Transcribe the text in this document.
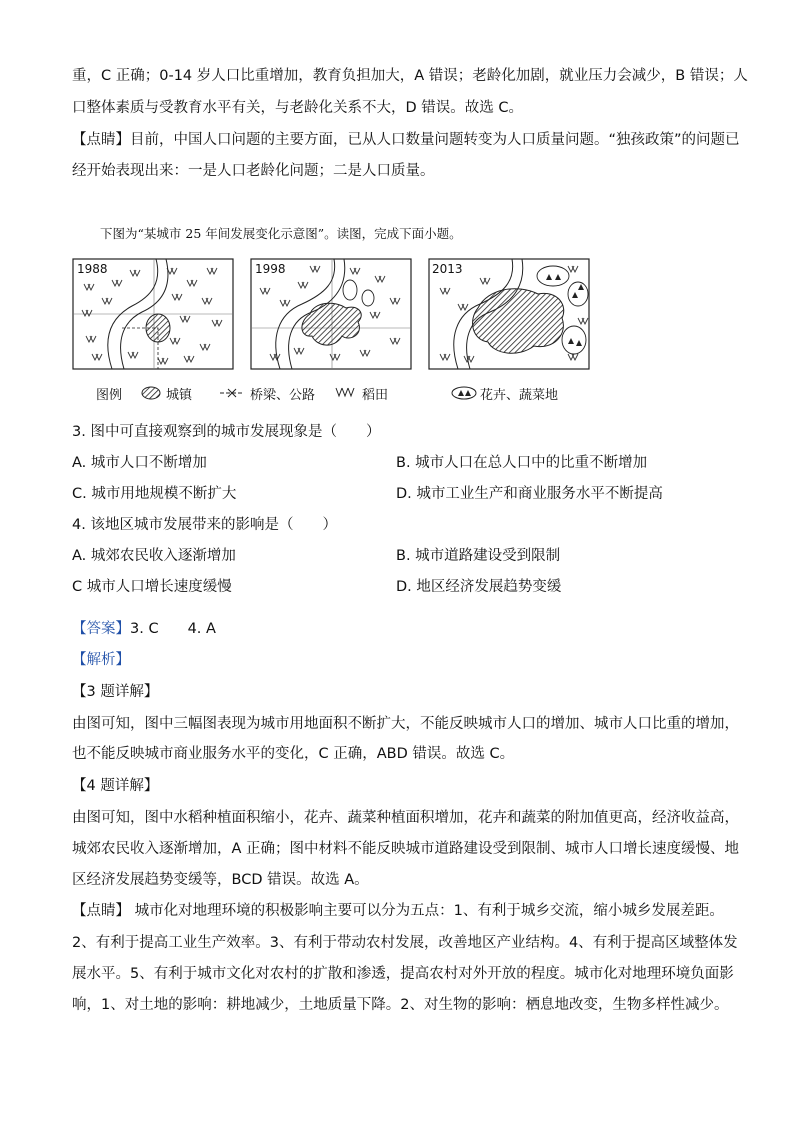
重，C 正确；0-14 岁人口比重增加，教育负担加大，A 错误；老龄化加剧，就业压力会减少，B 错误；人
口整体素质与受教育水平有关，与老龄化关系不大，D 错误。故选 C。
【点睛】目前，中国人口问题的主要方面，已从人口数量问题转变为人口质量问题。“独孩政策”的问题已
经开始表现出来：一是人口老龄化问题；二是人口质量。
下图为“某城市 25 年间发展变化示意图”。读图，完成下面小题。
1988	1998	2013
图例	城镇	桥梁、公路	稻田	花卉、蔬菜地
3. 图中可直接观察到的城市发展现象是（　　）
A. 城市人口不断增加	B. 城市人口在总人口中的比重不断增加
C. 城市用地规模不断扩大	D. 城市工业生产和商业服务水平不断提高
4. 该地区城市发展带来的影响是（　　）
A. 城郊农民收入逐渐增加	B. 城市道路建设受到限制
C 城市人口增长速度缓慢	D. 地区经济发展趋势变缓
【答案】3. C　　4. A
【解析】
【3 题详解】
由图可知，图中三幅图表现为城市用地面积不断扩大，不能反映城市人口的增加、城市人口比重的增加，
也不能反映城市商业服务水平的变化，C 正确，ABD 错误。故选 C。
【4 题详解】
由图可知，图中水稻种植面积缩小，花卉、蔬菜种植面积增加，花卉和蔬菜的附加值更高，经济收益高，
城郊农民收入逐渐增加，A 正确；图中材料不能反映城市道路建设受到限制、城市人口增长速度缓慢、地
区经济发展趋势变缓等，BCD 错误。故选 A。
【点睛】 城市化对地理环境的积极影响主要可以分为五点：1、有利于城乡交流，缩小城乡发展差距。
2、有利于提高工业生产效率。3、有利于带动农村发展，改善地区产业结构。4、有利于提高区域整体发
展水平。5、有利于城市文化对农村的扩散和渗透，提高农村对外开放的程度。城市化对地理环境负面影
响，1、对土地的影响：耕地减少，土地质量下降。2、对生物的影响：栖息地改变，生物多样性减少。
